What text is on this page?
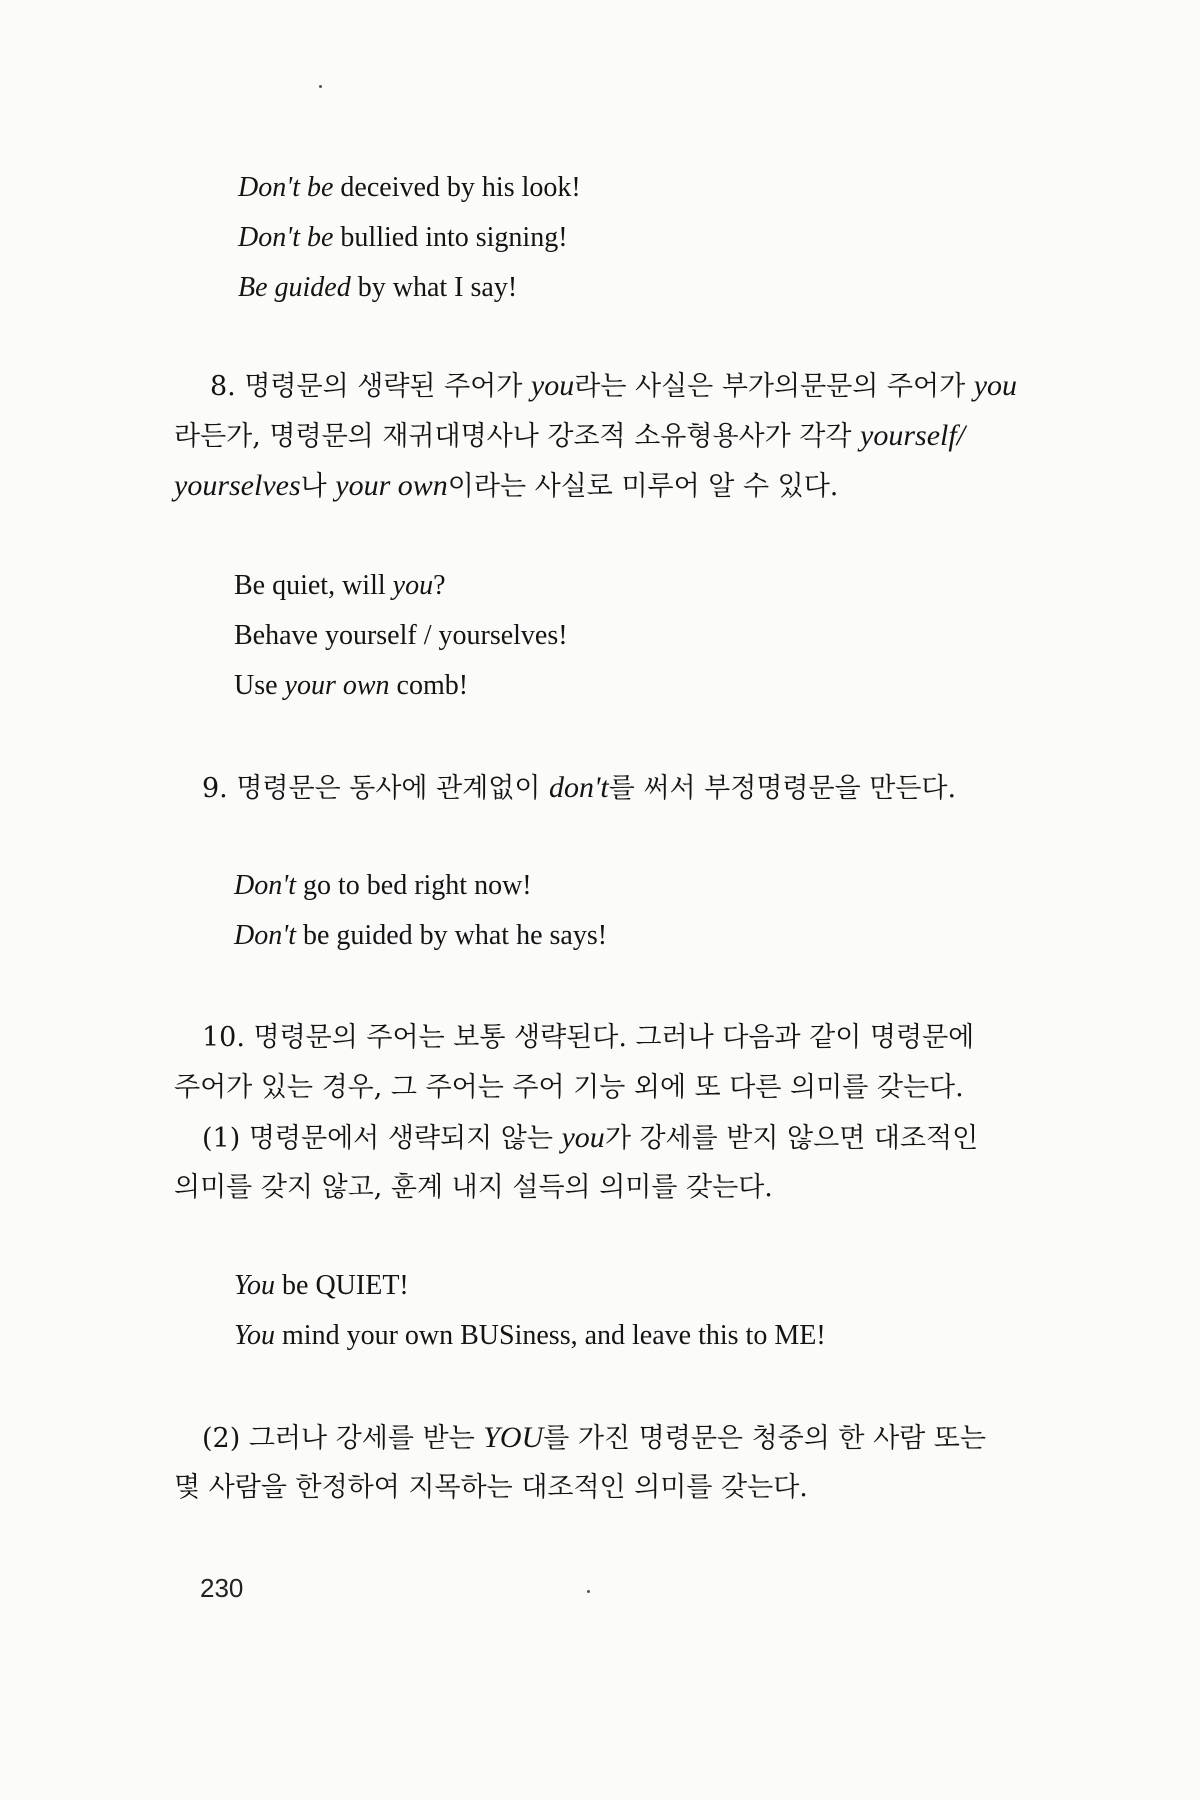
Don't be deceived by his look!
Don't be bullied into signing!
Be guided by what I say!
8. 명령문의 생략된 주어가 you라는 사실은 부가의문문의 주어가 you
라든가, 명령문의 재귀대명사나 강조적 소유형용사가 각각 yourself/
yourselves나 your own이라는 사실로 미루어 알 수 있다.
Be quiet, will you?
Behave yourself / yourselves!
Use your own comb!
9. 명령문은 동사에 관계없이 don't를 써서 부정명령문을 만든다.
Don't go to bed right now!
Don't be guided by what he says!
10. 명령문의 주어는 보통 생략된다. 그러나 다음과 같이 명령문에
주어가 있는 경우, 그 주어는 주어 기능 외에 또 다른 의미를 갖는다.
(1) 명령문에서 생략되지 않는 you가 강세를 받지 않으면 대조적인
의미를 갖지 않고, 훈계 내지 설득의 의미를 갖는다.
You be QUIET!
You mind your own BUSiness, and leave this to ME!
(2) 그러나 강세를 받는 YOU를 가진 명령문은 청중의 한 사람 또는
몇 사람을 한정하여 지목하는 대조적인 의미를 갖는다.
230
